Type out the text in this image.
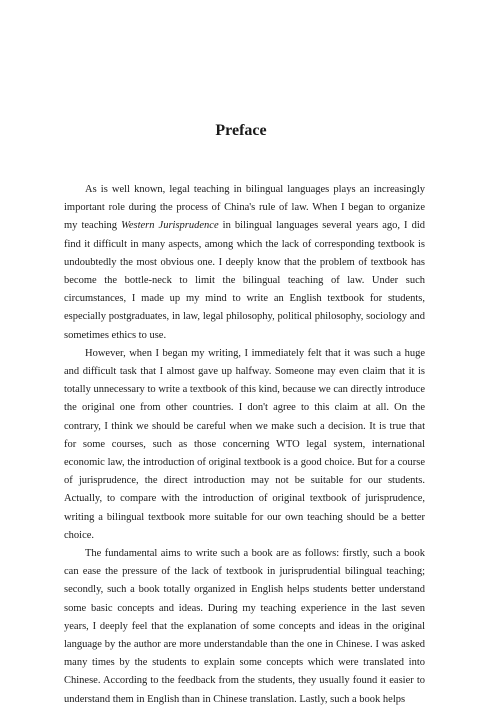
Preface

As is well known, legal teaching in bilingual languages plays an increasingly important role during the process of China's rule of law. When I began to organize my teaching Western Jurisprudence in bilingual languages several years ago, I did find it difficult in many aspects, among which the lack of corresponding textbook is undoubtedly the most obvious one. I deeply know that the problem of textbook has become the bottle-neck to limit the bilingual teaching of law. Under such circumstances, I made up my mind to write an English textbook for students, especially postgraduates, in law, legal philosophy, political philosophy, sociology and sometimes ethics to use.

However, when I began my writing, I immediately felt that it was such a huge and difficult task that I almost gave up halfway. Someone may even claim that it is totally unnecessary to write a textbook of this kind, because we can directly introduce the original one from other countries. I don't agree to this claim at all. On the contrary, I think we should be careful when we make such a decision. It is true that for some courses, such as those concerning WTO legal system, international economic law, the introduction of original textbook is a good choice. But for a course of jurisprudence, the direct introduction may not be suitable for our students. Actually, to compare with the introduction of original textbook of jurisprudence, writing a bilingual textbook more suitable for our own teaching should be a better choice.

The fundamental aims to write such a book are as follows: firstly, such a book can ease the pressure of the lack of textbook in jurisprudential bilingual teaching; secondly, such a book totally organized in English helps students better understand some basic concepts and ideas. During my teaching experience in the last seven years, I deeply feel that the explanation of some concepts and ideas in the original language by the author are more understandable than the one in Chinese. I was asked many times by the students to explain some concepts which were translated into Chinese. According to the feedback from the students, they usually found it easier to understand them in English than in Chinese translation. Lastly, such a book helps
